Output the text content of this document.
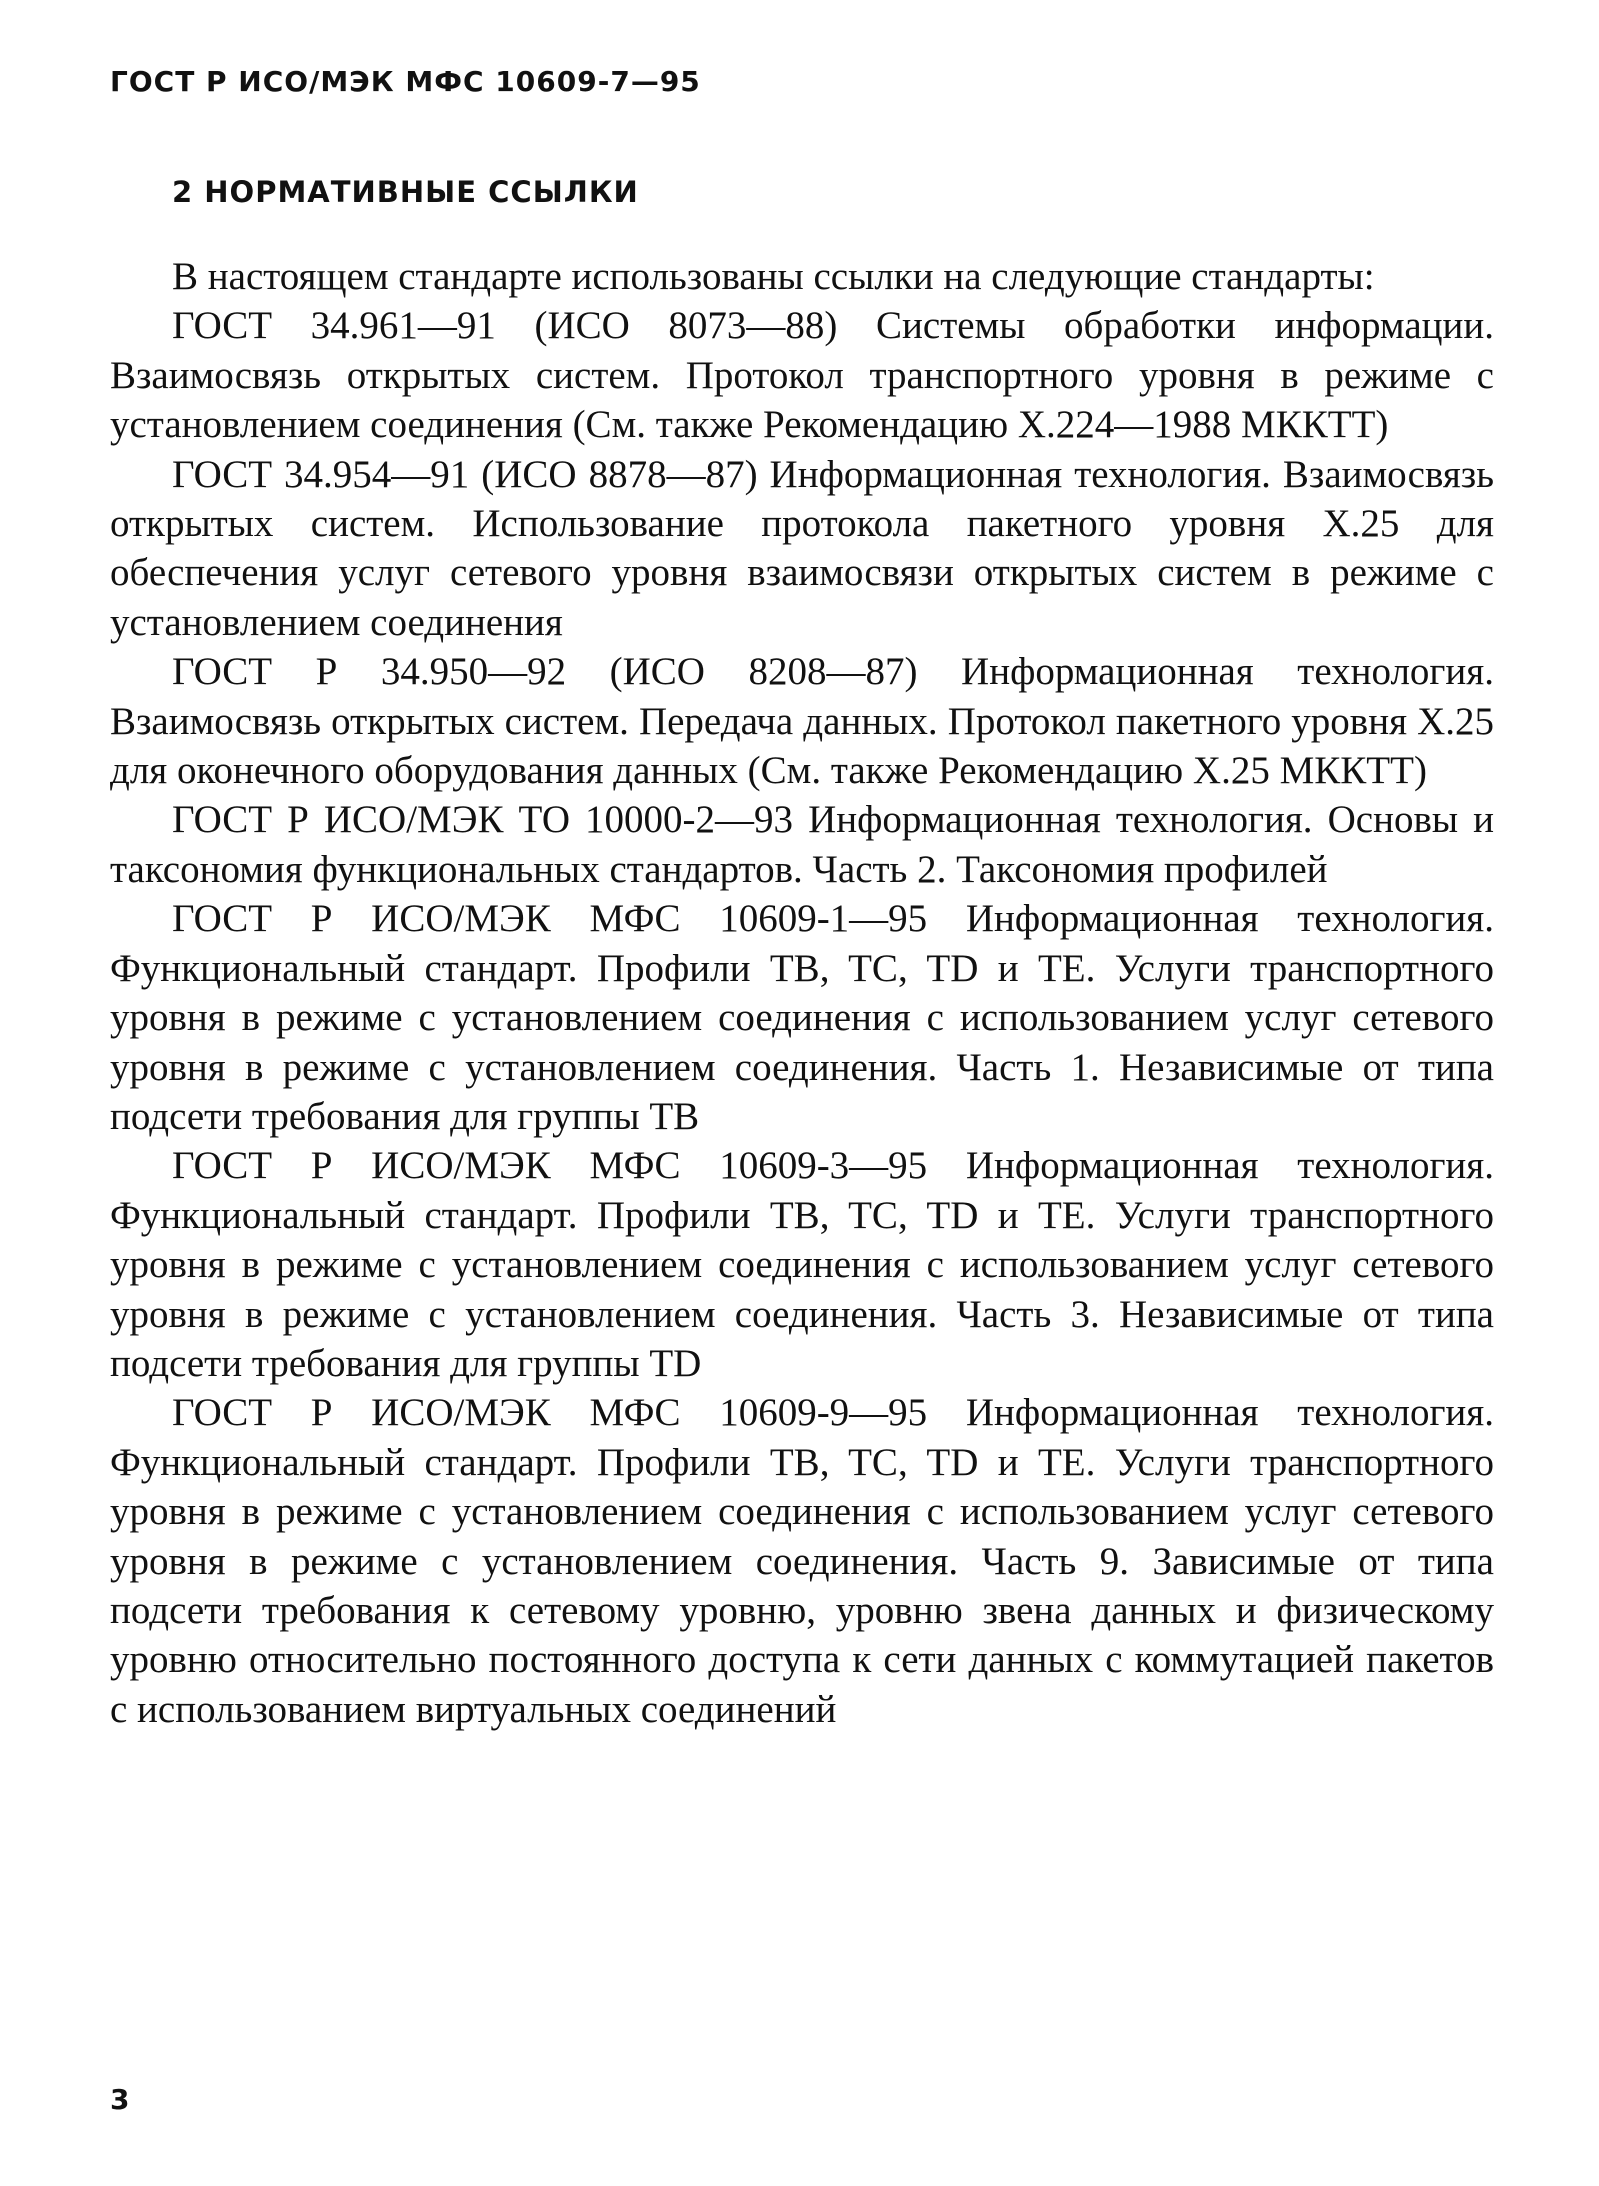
ГОСТ Р ИСО/МЭК МФС 10609-7—95
2 НОРМАТИВНЫЕ ССЫЛКИ

В настоящем стандарте использованы ссылки на следующие стандарты:

ГОСТ 34.961—91 (ИСО 8073—88) Системы обработки информации. Взаимосвязь открытых систем. Протокол транспортного уровня в режиме с установлением соединения (См. также Рекомендацию X.224—1988 МККТТ)

ГОСТ 34.954—91 (ИСО 8878—87) Информационная технология. Взаимосвязь открытых систем. Использование протокола пакетного уровня X.25 для обеспечения услуг сетевого уровня взаимосвязи открытых систем в режиме с установлением соединения

ГОСТ Р 34.950—92 (ИСО 8208—87) Информационная технология. Взаимосвязь открытых систем. Передача данных. Протокол пакетного уровня X.25 для оконечного оборудования данных (См. также Рекомендацию X.25 МККТТ)

ГОСТ Р ИСО/МЭК ТО 10000-2—93 Информационная технология. Основы и таксономия функциональных стандартов. Часть 2. Таксономия профилей

ГОСТ Р ИСО/МЭК МФС 10609-1—95 Информационная технология. Функциональный стандарт. Профили TB, TC, TD и TE. Услуги транспортного уровня в режиме с установлением соединения с использованием услуг сетевого уровня в режиме с установлением соединения. Часть 1. Независимые от типа подсети требования для группы TB

ГОСТ Р ИСО/МЭК МФС 10609-3—95 Информационная технология. Функциональный стандарт. Профили TB, TC, TD и TE. Услуги транспортного уровня в режиме с установлением соединения с использованием услуг сетевого уровня в режиме с установлением соединения. Часть 3. Независимые от типа подсети требования для группы TD

ГОСТ Р ИСО/МЭК МФС 10609-9—95 Информационная технология. Функциональный стандарт. Профили TB, TC, TD и TE. Услуги транспортного уровня в режиме с установлением соединения с использованием услуг сетевого уровня в режиме с установлением соединения. Часть 9. Зависимые от типа подсети требования к сетевому уровню, уровню звена данных и физическому уровню относительно постоянного доступа к сети данных с коммутацией пакетов с использованием виртуальных соединений

3
